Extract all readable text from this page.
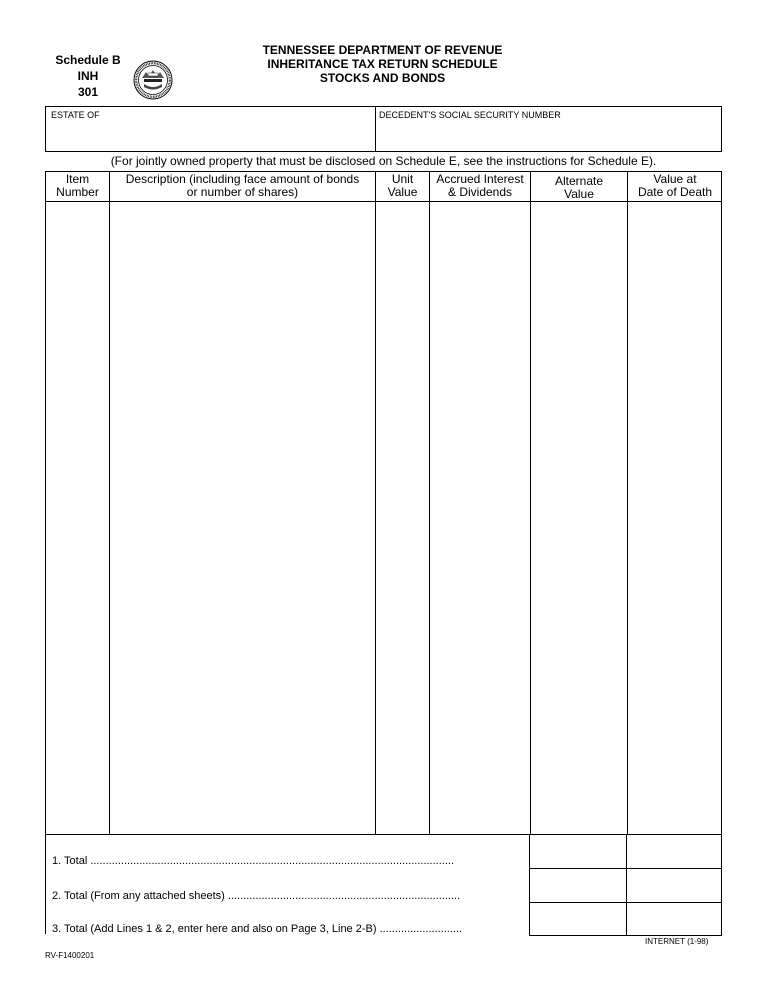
Schedule B
INH
301
TENNESSEE DEPARTMENT OF REVENUE
INHERITANCE TAX RETURN SCHEDULE
STOCKS AND BONDS
ESTATE OF	DECEDENT'S SOCIAL SECURITY NUMBER
(For jointly owned property that must be disclosed on Schedule E, see the instructions for Schedule E).
Item
Number
Description (including face amount of bonds
or number of shares)
Unit
Value
Accrued Interest
& Dividends
Alternate
Value
Value at
Date of Death
1. Total .......................................................................................................................
2. Total (From any attached sheets) ............................................................................
3. Total (Add Lines 1 & 2, enter here and also on Page 3, Line 2-B) ...........................
INTERNET (1-98)
RV-F1400201
